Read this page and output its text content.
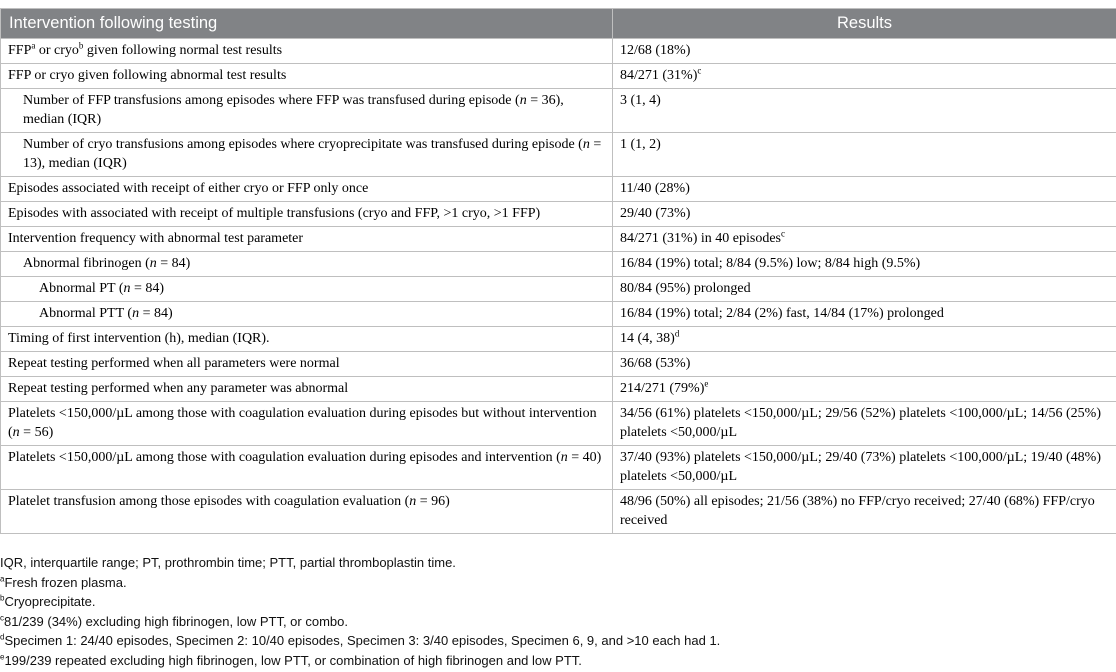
Intervention following testing	Results
FFP$^a$ or cryo$^b$ given following normal test results	12/68 (18%)
FFP or cryo given following abnormal test results	84/271 $(31\%)^c$
Number of FFP transfusions among episodes where FFP was transfused during episode (n = 36), median (IQR)	3 (1, 4)
Number of cryo transfusions among episodes where cryoprecipitate was transfused during episode (n = 13), median (IQR)	1 (1, 2)
Episodes associated with receipt of either cryo or FFP only once	11/40 (28%)
Episodes with associated with receipt of multiple transfusions (cryo and FFP, >1 cryo, >1 FFP)	29/40 (73%)
Intervention frequency with abnormal test parameter	84/271 (31%) in 40 episodes$^c$
Abnormal fibrinogen (n = 84)	16/84 (19%) total; 8/84 (9.5%) low; 8/84 high (9.5%)
Abnormal PT (n = 84)	80/84 (95%) prolonged
Abnormal PTT (n = 84)	16/84 (19%) total; 2/84 (2%) fast, 14/84 (17%) prolonged
Timing of first intervention (h), median (IQR).	14 (4, 38)$^d$
Repeat testing performed when all parameters were normal	36/68 (53%)
Repeat testing performed when any parameter was abnormal	214/271 $(79\%)^e$
Platelets <150,000/µL among those with coagulation evaluation during episodes but without intervention (n = 56)	34/56 (61%) platelets <150,000/µL; 29/56 (52%) platelets <100,000/µL; 14/56 (25%) platelets <50,000/µL
Platelets <150,000/µL among those with coagulation evaluation during episodes and intervention (n = 40)	37/40 (93%) platelets <150,000/µL; 29/40 (73%) platelets <100,000/µL; 19/40 (48%) platelets <50,000/µL
Platelet transfusion among those episodes with coagulation evaluation (n = 96)	48/96 (50%) all episodes; 21/56 (38%) no FFP/cryo received; 27/40 (68%) FFP/cryo received
IQR, interquartile range; PT, prothrombin time; PTT, partial thromboplastin time.
$^a$Fresh frozen plasma.
$^b$Cryoprecipitate.
$^c$81/239 (34%) excluding high fibrinogen, low PTT, or combo.
$^d$Specimen 1: 24/40 episodes, Specimen 2: 10/40 episodes, Specimen 3: 3/40 episodes, Specimen 6, 9, and >10 each had 1.
$^e$199/239 repeated excluding high fibrinogen, low PTT, or combination of high fibrinogen and low PTT.
